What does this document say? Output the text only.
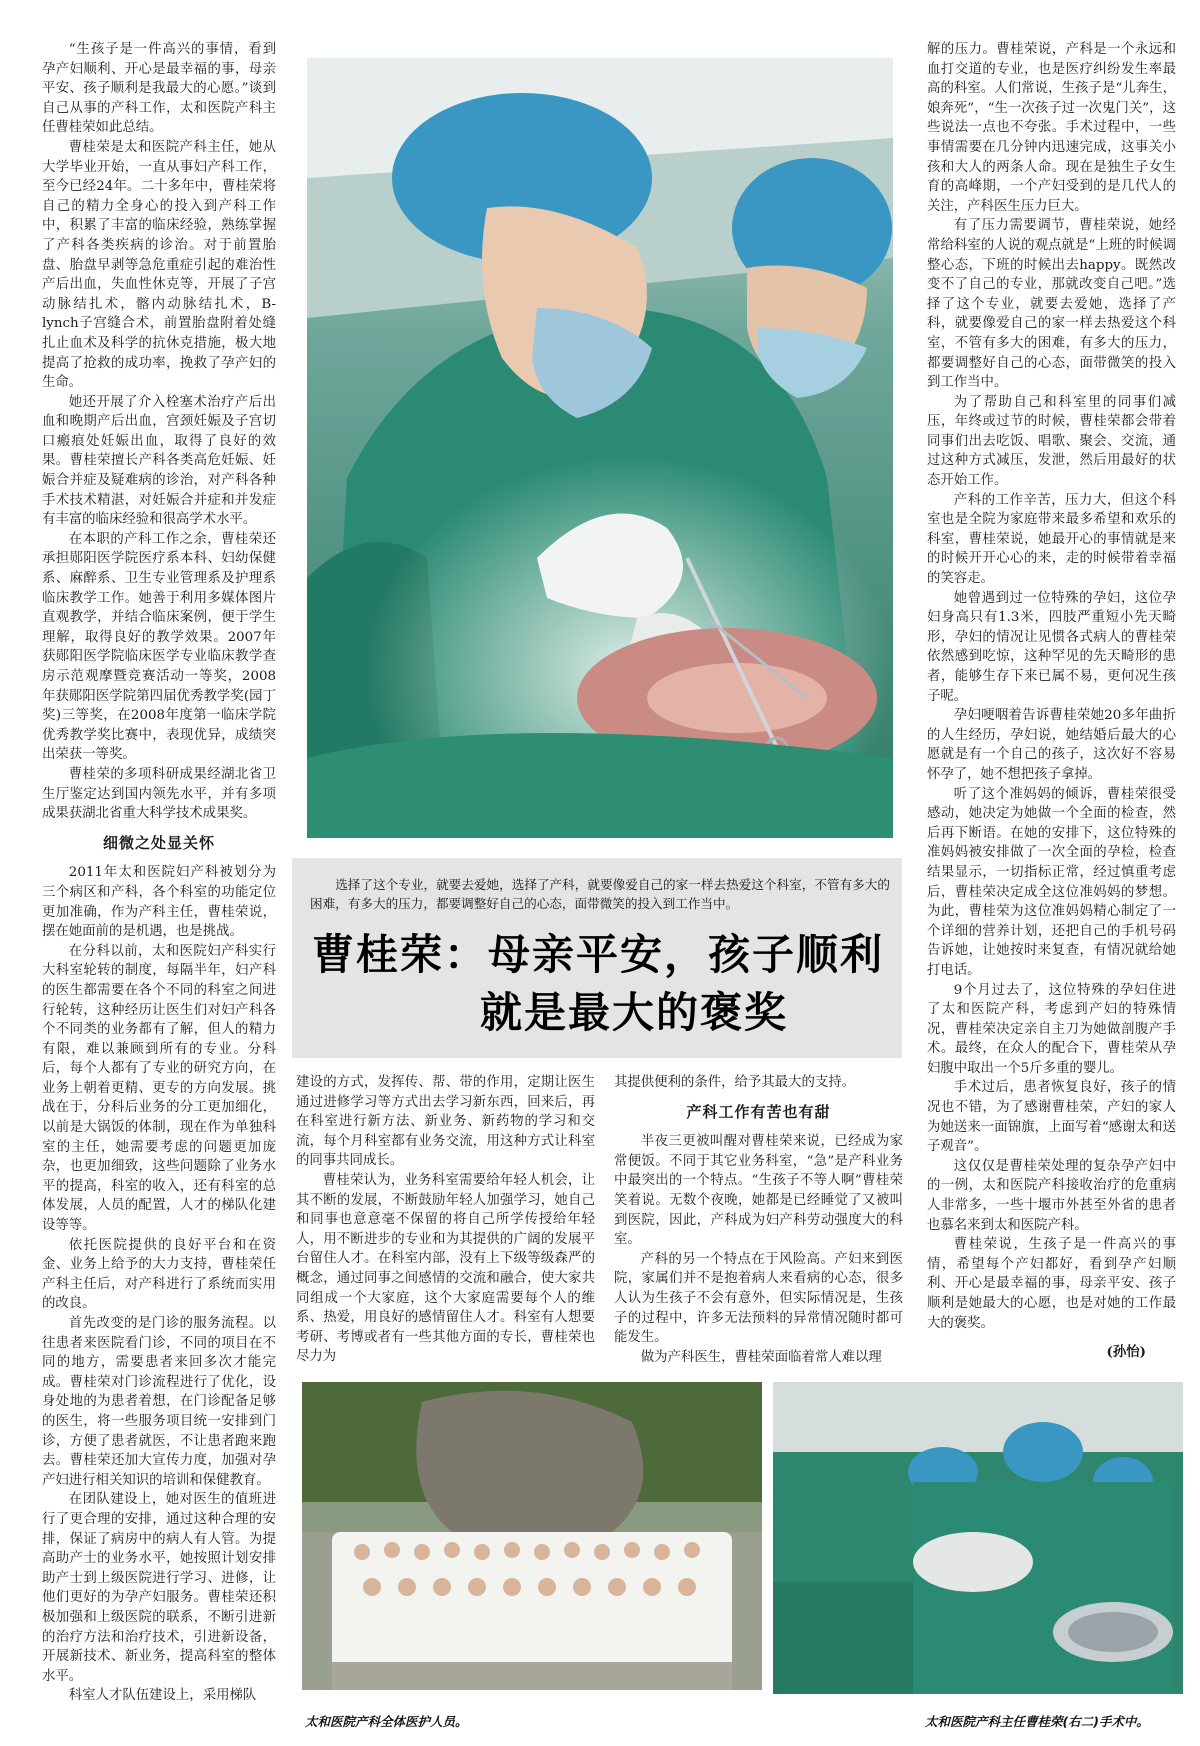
“生孩子是一件高兴的事情，看到孕产妇顺利、开心是最幸福的事，母亲平安、孩子顺利是我最大的心愿。”谈到自己从事的产科工作，太和医院产科主任曹桂荣如此总结。

曹桂荣是太和医院产科主任，她从大学毕业开始，一直从事妇产科工作，至今已经24年。二十多年中，曹桂荣将自己的精力全身心的投入到产科工作中，积累了丰富的临床经验，熟练掌握了产科各类疾病的诊治。对于前置胎盘、胎盘早剥等急危重症引起的难治性产后出血，失血性休克等，开展了子宫动脉结扎术，髂内动脉结扎术，B-lynch子宫缝合术，前置胎盘附着处缝扎止血术及科学的抗休克措施，极大地提高了抢救的成功率，挽救了孕产妇的生命。

她还开展了介入栓塞术治疗产后出血和晚期产后出血，宫颈妊娠及子宫切口瘢痕处妊娠出血，取得了良好的效果。曹桂荣擅长产科各类高危妊娠、妊娠合并症及疑难病的诊治，对产科各种手术技术精湛，对妊娠合并症和并发症有丰富的临床经验和很高学术水平。

在本职的产科工作之余，曹桂荣还承担郧阳医学院医疗系本科、妇幼保健系、麻醉系、卫生专业管理系及护理系临床教学工作。她善于利用多媒体图片直观教学，并结合临床案例，便于学生理解，取得良好的教学效果。2007年获郧阳医学院临床医学专业临床教学查房示范观摩暨竞赛活动一等奖，2008年获郧阳医学院第四届优秀教学奖(园丁奖)三等奖，在2008年度第一临床学院优秀教学奖比赛中，表现优异，成绩突出荣获一等奖。

曹桂荣的多项科研成果经湖北省卫生厅鉴定达到国内领先水平，并有多项成果获湖北省重大科学技术成果奖。

细微之处显关怀

2011年太和医院妇产科被划分为三个病区和产科，各个科室的功能定位更加准确，作为产科主任，曹桂荣说，摆在她面前的是机遇，也是挑战。

在分科以前，太和医院妇产科实行大科室轮转的制度，每隔半年，妇产科的医生都需要在各个不同的科室之间进行轮转，这种经历让医生们对妇产科各个不同类的业务都有了解，但人的精力有限，难以兼顾到所有的专业。分科后，每个人都有了专业的研究方向，在业务上朝着更精、更专的方向发展。挑战在于，分科后业务的分工更加细化，以前是大锅饭的体制，现在作为单独科室的主任，她需要考虑的问题更加庞杂，也更加细致，这些问题除了业务水平的提高，科室的收入，还有科室的总体发展，人员的配置，人才的梯队化建设等等。

依托医院提供的良好平台和在资金、业务上给予的大力支持，曹桂荣任产科主任后，对产科进行了系统而实用的改良。

首先改变的是门诊的服务流程。以往患者来医院看门诊，不同的项目在不同的地方，需要患者来回多次才能完成。曹桂荣对门诊流程进行了优化，设身处地的为患者着想，在门诊配备足够的医生，将一些服务项目统一安排到门诊，方便了患者就医，不让患者跑来跑去。曹桂荣还加大宣传力度，加强对孕产妇进行相关知识的培训和保健教育。

在团队建设上，她对医生的值班进行了更合理的安排，通过这种合理的安排，保证了病房中的病人有人管。为提高助产士的业务水平，她按照计划安排助产士到上级医院进行学习、进修，让他们更好的为孕产妇服务。曹桂荣还积极加强和上级医院的联系，不断引进新的治疗方法和治疗技术，引进新设备，开展新技术、新业务，提高科室的整体水平。

科室人才队伍建设上，采用梯队

选择了这个专业，就要去爱她，选择了产科，就要像爱自己的家一样去热爱这个科室，不管有多大的困难，有多大的压力，都要调整好自己的心态，面带微笑的投入到工作当中。
曹桂荣：母亲平安，孩子顺利
就是最大的褒奖

建设的方式，发挥传、帮、带的作用，定期让医生通过进修学习等方式出去学习新东西，回来后，再在科室进行新方法、新业务、新药物的学习和交流，每个月科室都有业务交流，用这种方式让科室的同事共同成长。

曹桂荣认为，业务科室需要给年轻人机会，让其不断的发展，不断鼓励年轻人加强学习，她自己和同事也意意毫不保留的将自己所学传授给年轻人，用不断进步的专业和为其提供的广阔的发展平台留住人才。在科室内部，没有上下级等级森严的概念，通过同事之间感情的交流和融合，使大家共同组成一个大家庭，这个大家庭需要每个人的维系、热爱，用良好的感情留住人才。科室有人想要考研、考博或者有一些其他方面的专长，曹桂荣也尽力为

其提供便利的条件，给予其最大的支持。

产科工作有苦也有甜

半夜三更被叫醒对曹桂荣来说，已经成为家常便饭。不同于其它业务科室，“急”是产科业务中最突出的一个特点。“生孩子不等人啊”曹桂荣笑着说。无数个夜晚，她都是已经睡觉了又被叫到医院，因此，产科成为妇产科劳动强度大的科室。

产科的另一个特点在于风险高。产妇来到医院，家属们并不是抱着病人来看病的心态，很多人认为生孩子不会有意外，但实际情况是，生孩子的过程中，许多无法预料的异常情况随时都可能发生。

做为产科医生，曹桂荣面临着常人难以理

解的压力。曹桂荣说，产科是一个永远和血打交道的专业，也是医疗纠纷发生率最高的科室。人们常说，生孩子是“儿奔生，娘奔死”，“生一次孩子过一次鬼门关”，这些说法一点也不夸张。手术过程中，一些事情需要在几分钟内迅速完成，这事关小孩和大人的两条人命。现在是独生子女生育的高峰期，一个产妇受到的是几代人的关注，产科医生压力巨大。

有了压力需要调节，曹桂荣说，她经常给科室的人说的观点就是“上班的时候调整心态，下班的时候出去happy。既然改变不了自己的专业，那就改变自己吧。”选择了这个专业，就要去爱她，选择了产科，就要像爱自己的家一样去热爱这个科室，不管有多大的困难，有多大的压力，都要调整好自己的心态，面带微笑的投入到工作当中。

为了帮助自己和科室里的同事们减压，年终或过节的时候，曹桂荣都会带着同事们出去吃饭、唱歌、聚会、交流，通过这种方式减压，发泄，然后用最好的状态开始工作。

产科的工作辛苦，压力大，但这个科室也是全院为家庭带来最多希望和欢乐的科室，曹桂荣说，她最开心的事情就是来的时候开开心心的来，走的时候带着幸福的笑容走。

她曾遇到过一位特殊的孕妇，这位孕妇身高只有1.3米，四肢严重短小先天畸形，孕妇的情况让见惯各式病人的曹桂荣依然感到吃惊，这种罕见的先天畸形的患者，能够生存下来已属不易，更何况生孩子呢。

孕妇哽咽着告诉曹桂荣她20多年曲折的人生经历，孕妇说，她结婚后最大的心愿就是有一个自己的孩子，这次好不容易怀孕了，她不想把孩子拿掉。

听了这个准妈妈的倾诉，曹桂荣很受感动，她决定为她做一个全面的检查，然后再下断语。在她的安排下，这位特殊的准妈妈被安排做了一次全面的孕检，检查结果显示，一切指标正常，经过慎重考虑后，曹桂荣决定成全这位准妈妈的梦想。为此，曹桂荣为这位准妈妈精心制定了一个详细的营养计划，还把自己的手机号码告诉她，让她按时来复查，有情况就给她打电话。

9个月过去了，这位特殊的孕妇住进了太和医院产科，考虑到产妇的特殊情况，曹桂荣决定亲自主刀为她做剖腹产手术。最终，在众人的配合下，曹桂荣从孕妇腹中取出一个5斤多重的婴儿。

手术过后，患者恢复良好，孩子的情况也不错，为了感谢曹桂荣，产妇的家人为她送来一面锦旗，上面写着“感谢太和送子观音”。

这仅仅是曹桂荣处理的复杂孕产妇中的一例，太和医院产科接收治疗的危重病人非常多，一些十堰市外甚至外省的患者也慕名来到太和医院产科。

曹桂荣说，生孩子是一件高兴的事情，希望每个产妇都好，看到孕产妇顺利、开心是最幸福的事，母亲平安、孩子顺利是她最大的心愿，也是对她的工作最大的褒奖。

(孙怡)
太和医院产科全体医护人员。	太和医院产科主任曹桂荣(右二)手术中。
